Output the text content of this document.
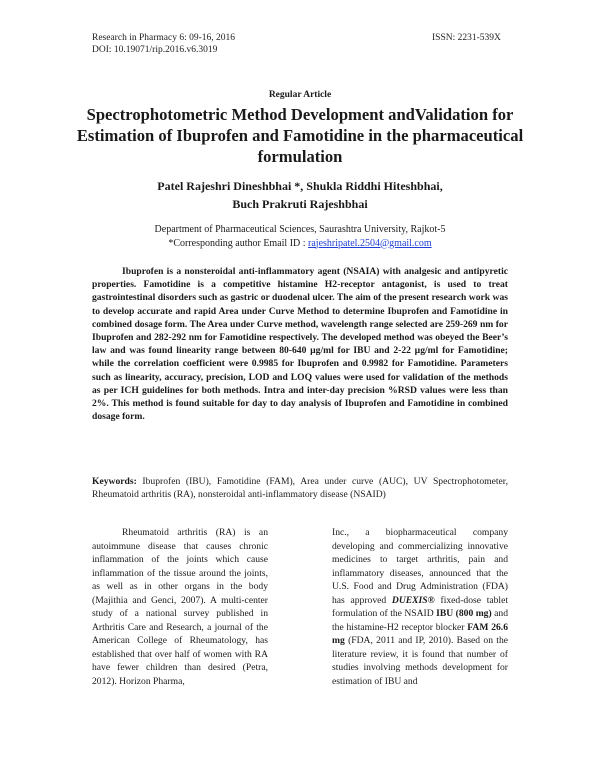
Research in Pharmacy 6: 09-16, 2016
DOI: 10.19071/rip.2016.v6.3019
ISSN: 2231-539X
Regular Article
Spectrophotometric Method Development andValidation for Estimation of Ibuprofen and Famotidine in the pharmaceutical formulation
Patel Rajeshri Dineshbhai *, Shukla Riddhi Hiteshbhai,
Buch Prakruti Rajeshbhai
Department of Pharmaceutical Sciences, Saurashtra University, Rajkot-5
*Corresponding author Email ID : rajeshripatel.2504@gmail.com

Ibuprofen is a nonsteroidal anti-inflammatory agent (NSAIA) with analgesic and antipyretic properties. Famotidine is a competitive histamine H2-receptor antagonist, is used to treat gastrointestinal disorders such as gastric or duodenal ulcer. The aim of the present research work was to develop accurate and rapid Area under Curve Method to determine Ibuprofen and Famotidine in combined dosage form. The Area under Curve method, wavelength range selected are 259-269 nm for Ibuprofen and 282-292 nm for Famotidine respectively. The developed method was obeyed the Beer’s law and was found linearity range between 80-640 µg/ml for IBU and 2-22 µg/ml for Famotidine; while the correlation coefficient were 0.9985 for Ibuprofen and 0.9982 for Famotidine. Parameters such as linearity, accuracy, precision, LOD and LOQ values were used for validation of the methods as per ICH guidelines for both methods. Intra and inter-day precision %RSD values were less than 2%. This method is found suitable for day to day analysis of Ibuprofen and Famotidine in combined dosage form.

Keywords: Ibuprofen (IBU), Famotidine (FAM), Area under curve (AUC), UV Spectrophotometer, Rheumatoid arthritis (RA), nonsteroidal anti-inflammatory disease (NSAID)

Rheumatoid arthritis (RA) is an autoimmune disease that causes chronic inflammation of the joints which cause inflammation of the tissue around the joints, as well as in other organs in the body (Majithia and Genci, 2007). A multi-center study of a national survey published in Arthritis Care and Research, a journal of the American College of Rheumatology, has established that over half of women with RA have fewer children than desired (Petra, 2012). Horizon Pharma,

Inc., a biopharmaceutical company developing and commercializing innovative medicines to target arthritis, pain and inflammatory diseases, announced that the U.S. Food and Drug Administration (FDA) has approved DUEXIS® fixed-dose tablet formulation of the NSAID IBU (800 mg) and the histamine-H2 receptor blocker FAM 26.6 mg (FDA, 2011 and IP, 2010). Based on the literature review, it is found that number of studies involving methods development for estimation of IBU and
